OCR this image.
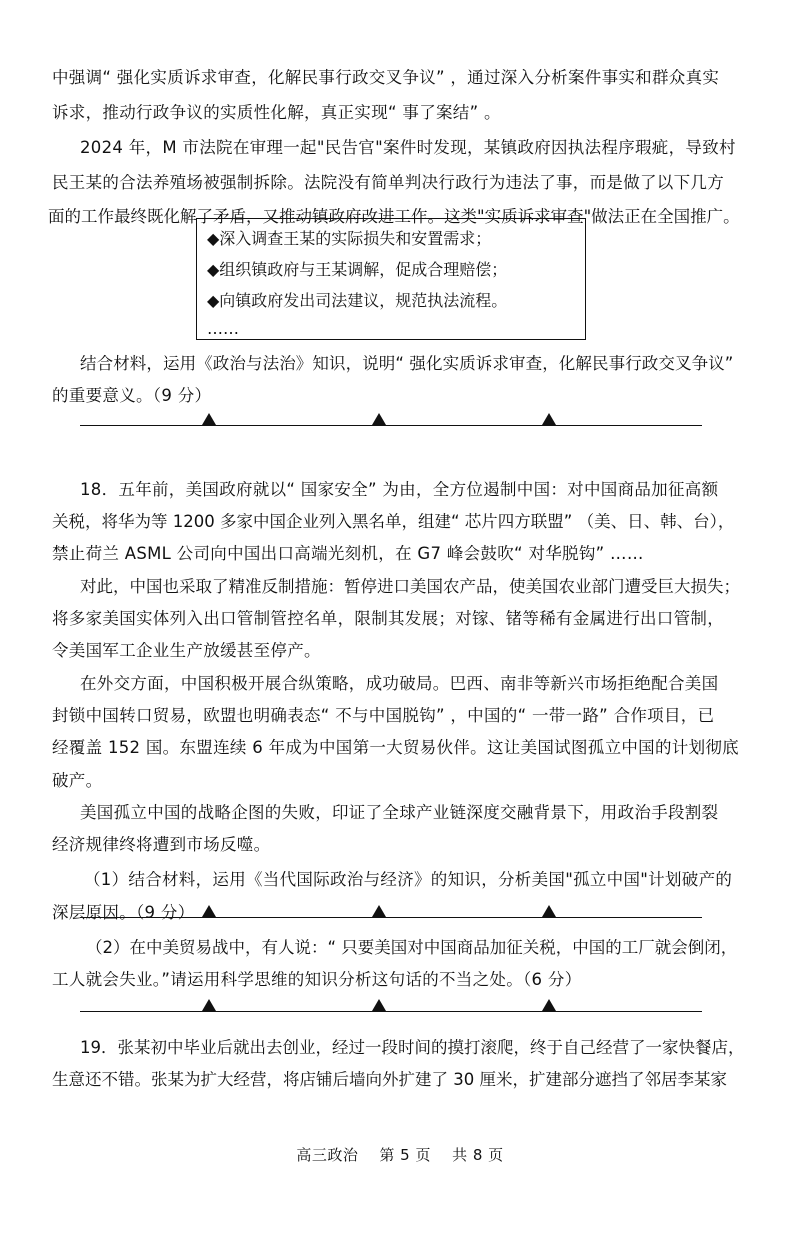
中强调“ 强化实质诉求审查，化解民事行政交叉争议” ，通过深入分析案件事实和群众真实
诉求，推动行政争议的实质性化解，真正实现“ 事了案结” 。
2024 年，M 市法院在审理一起"民告官"案件时发现，某镇政府因执法程序瑕疵，导致村
民王某的合法养殖场被强制拆除。法院没有简单判决行政行为违法了事，而是做了以下几方
面的工作最终既化解了矛盾，又推动镇政府改进工作。这类"实质诉求审查"做法正在全国推广。
◆深入调查王某的实际损失和安置需求；
◆组织镇政府与王某调解，促成合理赔偿；
◆向镇政府发出司法建议，规范执法流程。
……
结合材料，运用《政治与法治》知识，说明“ 强化实质诉求审查，化解民事行政交叉争议”
的重要意义。（9 分）
18．五年前，美国政府就以“ 国家安全” 为由，全方位遏制中国：对中国商品加征高额
关税，将华为等 1200 多家中国企业列入黑名单，组建“ 芯片四方联盟” （美、日、韩、台），
禁止荷兰 ASML 公司向中国出口高端光刻机，在 G7 峰会鼓吹“ 对华脱钩” ……
对此，中国也采取了精准反制措施：暂停进口美国农产品，使美国农业部门遭受巨大损失；
将多家美国实体列入出口管制管控名单，限制其发展；对镓、锗等稀有金属进行出口管制，
令美国军工企业生产放缓甚至停产。
在外交方面，中国积极开展合纵策略，成功破局。巴西、南非等新兴市场拒绝配合美国
封锁中国转口贸易，欧盟也明确表态“ 不与中国脱钩” ，中国的“ 一带一路” 合作项目，已
经覆盖 152 国。东盟连续 6 年成为中国第一大贸易伙伴。这让美国试图孤立中国的计划彻底
破产。
美国孤立中国的战略企图的失败，印证了全球产业链深度交融背景下，用政治手段割裂
经济规律终将遭到市场反噬。
（1）结合材料，运用《当代国际政治与经济》的知识，分析美国"孤立中国"计划破产的
深层原因。（9 分）
（2）在中美贸易战中，有人说：“ 只要美国对中国商品加征关税，中国的工厂就会倒闭，
工人就会失业。”请运用科学思维的知识分析这句话的不当之处。（6 分）
19．张某初中毕业后就出去创业，经过一段时间的摸打滚爬，终于自己经营了一家快餐店，
生意还不错。张某为扩大经营，将店铺后墙向外扩建了 30 厘米，扩建部分遮挡了邻居李某家
高三政治    第 5 页    共 8 页
